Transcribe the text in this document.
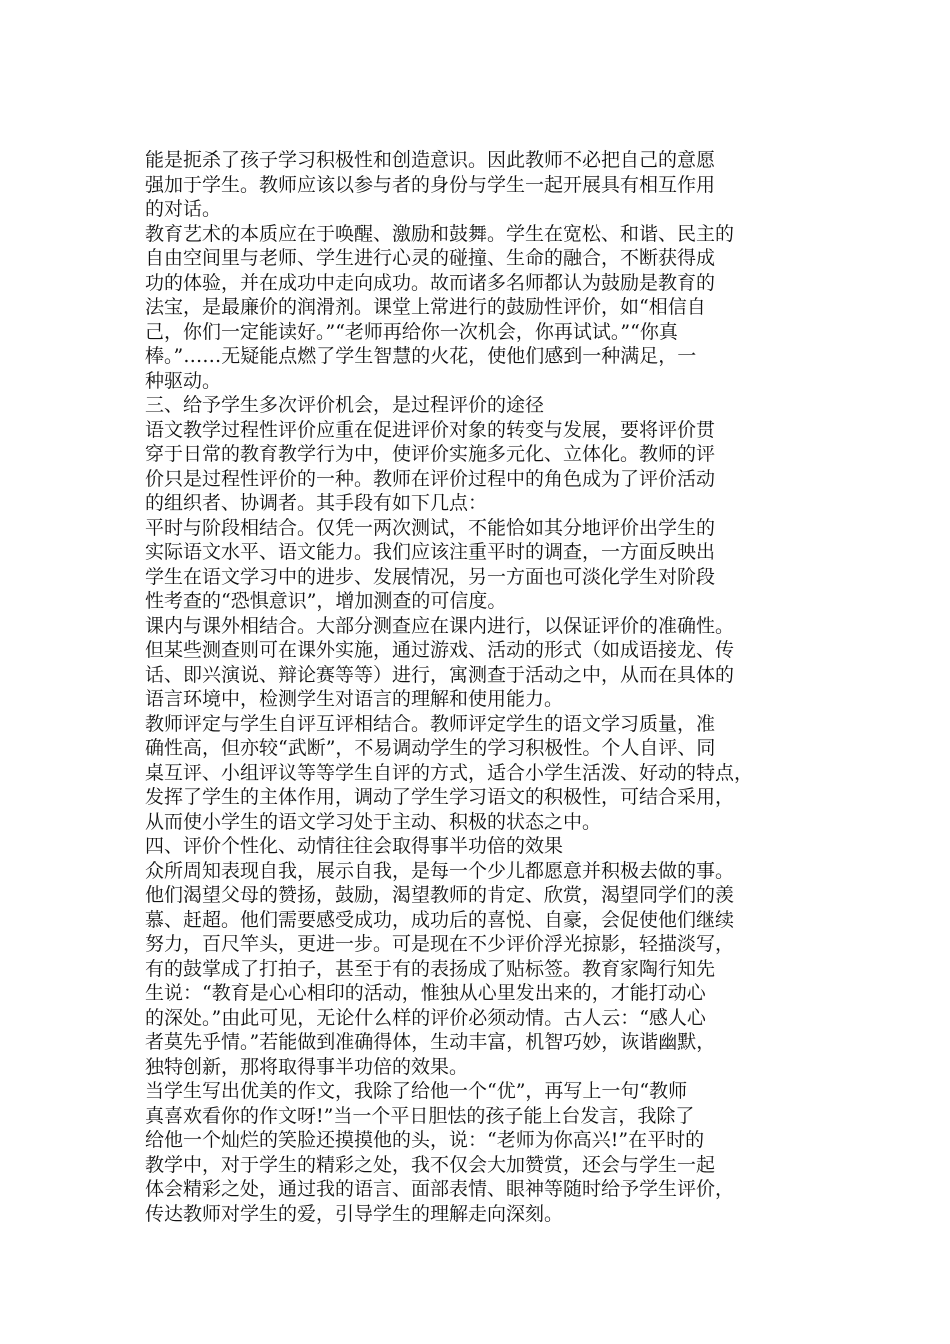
能是扼杀了孩子学习积极性和创造意识。因此教师不必把自己的意愿
强加于学生。教师应该以参与者的身份与学生一起开展具有相互作用
的对话。
教育艺术的本质应在于唤醒、激励和鼓舞。学生在宽松、和谐、民主的
自由空间里与老师、学生进行心灵的碰撞、生命的融合，不断获得成
功的体验，并在成功中走向成功。故而诸多名师都认为鼓励是教育的
法宝，是最廉价的润滑剂。课堂上常进行的鼓励性评价，如“相信自
己，你们一定能读好。”“老师再给你一次机会，你再试试。”“你真
棒。”……无疑能点燃了学生智慧的火花，使他们感到一种满足，一
种驱动。
三、给予学生多次评价机会，是过程评价的途径
语文教学过程性评价应重在促进评价对象的转变与发展，要将评价贯
穿于日常的教育教学行为中，使评价实施多元化、立体化。教师的评
价只是过程性评价的一种。教师在评价过程中的角色成为了评价活动
的组织者、协调者。其手段有如下几点：
平时与阶段相结合。仅凭一两次测试，不能恰如其分地评价出学生的
实际语文水平、语文能力。我们应该注重平时的调查，一方面反映出
学生在语文学习中的进步、发展情况，另一方面也可淡化学生对阶段
性考查的“恐惧意识”，增加测查的可信度。
课内与课外相结合。大部分测查应在课内进行，以保证评价的准确性。
但某些测查则可在课外实施，通过游戏、活动的形式（如成语接龙、传
话、即兴演说、辩论赛等等）进行，寓测查于活动之中，从而在具体的
语言环境中，检测学生对语言的理解和使用能力。
教师评定与学生自评互评相结合。教师评定学生的语文学习质量，准
确性高，但亦较“武断”，不易调动学生的学习积极性。个人自评、同
桌互评、小组评议等等学生自评的方式，适合小学生活泼、好动的特点，
发挥了学生的主体作用，调动了学生学习语文的积极性，可结合采用，
从而使小学生的语文学习处于主动、积极的状态之中。
四、评价个性化、动情往往会取得事半功倍的效果
众所周知表现自我，展示自我，是每一个少儿都愿意并积极去做的事。
他们渴望父母的赞扬，鼓励，渴望教师的肯定、欣赏，渴望同学们的羡
慕、赶超。他们需要感受成功，成功后的喜悦、自豪，会促使他们继续
努力，百尺竿头，更进一步。可是现在不少评价浮光掠影，轻描淡写，
有的鼓掌成了打拍子，甚至于有的表扬成了贴标签。教育家陶行知先
生说：“教育是心心相印的活动，惟独从心里发出来的，才能打动心
的深处。”由此可见，无论什么样的评价必须动情。古人云：“感人心
者莫先乎情。”若能做到准确得体，生动丰富，机智巧妙，诙谐幽默，
独特创新，那将取得事半功倍的效果。
当学生写出优美的作文，我除了给他一个“优”，再写上一句“教师
真喜欢看你的作文呀!”当一个平日胆怯的孩子能上台发言，我除了
给他一个灿烂的笑脸还摸摸他的头，说：“老师为你高兴!”在平时的
教学中，对于学生的精彩之处，我不仅会大加赞赏，还会与学生一起
体会精彩之处，通过我的语言、面部表情、眼神等随时给予学生评价，
传达教师对学生的爱，引导学生的理解走向深刻。
